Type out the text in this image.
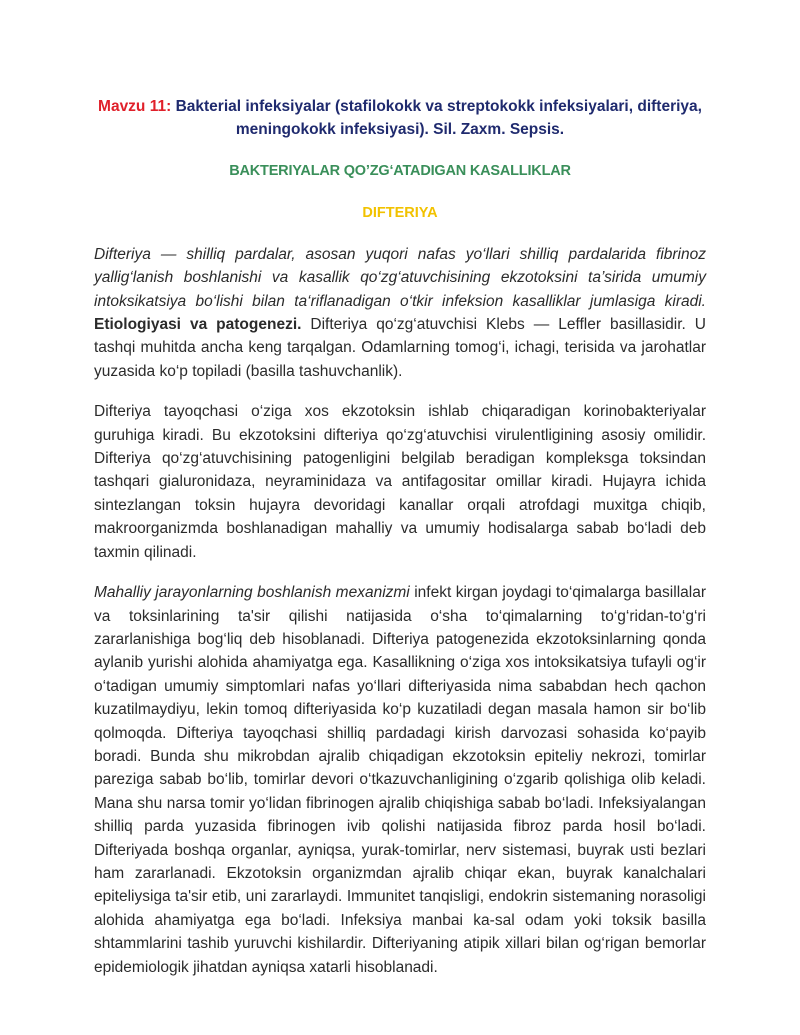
Mavzu 11: Bakterial infeksiyalar (stafilokokk va streptokokk infeksiyalari, difteriya, meningokokk infeksiyasi). Sil. Zaxm. Sepsis.

BAKTERIYALAR QO’ZG‘ATADIGAN KASALLIKLAR

DIFTERIYA

Difteriya — shilliq pardalar, asosan yuqori nafas yo‘llari shilliq pardalarida fibrinoz yallig‘lanish boshlanishi va kasallik qo‘zg‘atuvchisining ekzotoksini ta’sirida umumiy intoksikatsiya bo‘lishi bilan ta‘riflanadigan o‘tkir infeksion kasalliklar jumlasiga kiradi. Etiologiyasi va patogenezi. Difteriya qo‘zg‘atuvchisi Klebs — Leffler basillasidir. U tashqi muhitda ancha keng tarqalgan. Odamlarning tomog‘i, ichagi, terisida va jarohatlar yuzasida ko‘p topiladi (basilla tashuvchanlik).

Difteriya tayoqchasi o‘ziga xos ekzotoksin ishlab chiqaradigan korinobakteriyalar guruhiga kiradi. Bu ekzotoksini difteriya qo‘zg‘atuvchisi virulentligining asosiy omilidir. Difteriya qo‘zg‘atuvchisining patogenligini belgilab beradigan kompleksga toksindan tashqari gialuronidaza, neyraminidaza va antifagositar omillar kiradi. Hujayra ichida sintezlangan toksin hujayra devoridagi kanallar orqali atrofdagi muxitga chiqib, makroorganizmda boshlanadigan mahalliy va umumiy hodisalarga sabab bo‘ladi deb taxmin qilinadi.

Mahalliy jarayonlarning boshlanish mexanizmi infekt kirgan joydagi to‘qimalarga basillalar va toksinlarining ta'sir qilishi natijasida o‘sha to‘qimalarning to‘g‘ridan-to‘g‘ri zararlanishiga bog‘liq deb hisoblanadi. Difteriya patogenezida ekzotoksinlarning qonda aylanib yurishi alohida ahamiyatga ega. Kasallikning o‘ziga xos intoksikatsiya tufayli og‘ir o‘tadigan umumiy simptomlari nafas yo‘llari difteriyasida nima sababdan hech qachon kuzatilmaydiyu, lekin tomoq difteriyasida ko‘p kuzatiladi degan masala hamon sir bo‘lib qolmoqda. Difteriya tayoqchasi shilliq pardadagi kirish darvozasi sohasida ko‘payib boradi. Bunda shu mikrobdan ajralib chiqadigan ekzotoksin epiteliy nekrozi, tomirlar pareziga sabab bo‘lib, tomirlar devori o‘tkazuvchanligining o‘zgarib qolishiga olib keladi. Mana shu narsa tomir yo‘lidan fibrinogen ajralib chiqishiga sabab bo‘ladi. Infeksiyalangan shilliq parda yuzasida fibrinogen ivib qolishi natijasida fibroz parda hosil bo‘ladi. Difteriyada boshqa organlar, ayniqsa, yurak-tomirlar, nerv sistemasi, buyrak usti bezlari ham zararlanadi. Ekzotoksin organizmdan ajralib chiqar ekan, buyrak kanalchalari epiteliysiga ta'sir etib, uni zararlaydi. Immunitet tanqisligi, endokrin sistemaning norasoligi alohida ahamiyatga ega bo‘ladi. Infeksiya manbai ka-sal odam yoki toksik basilla shtammlarini tashib yuruvchi kishilardir. Difteriyaning atipik xillari bilan og‘rigan bemorlar epidemiologik jihatdan ayniqsa xatarli hisoblanadi.
